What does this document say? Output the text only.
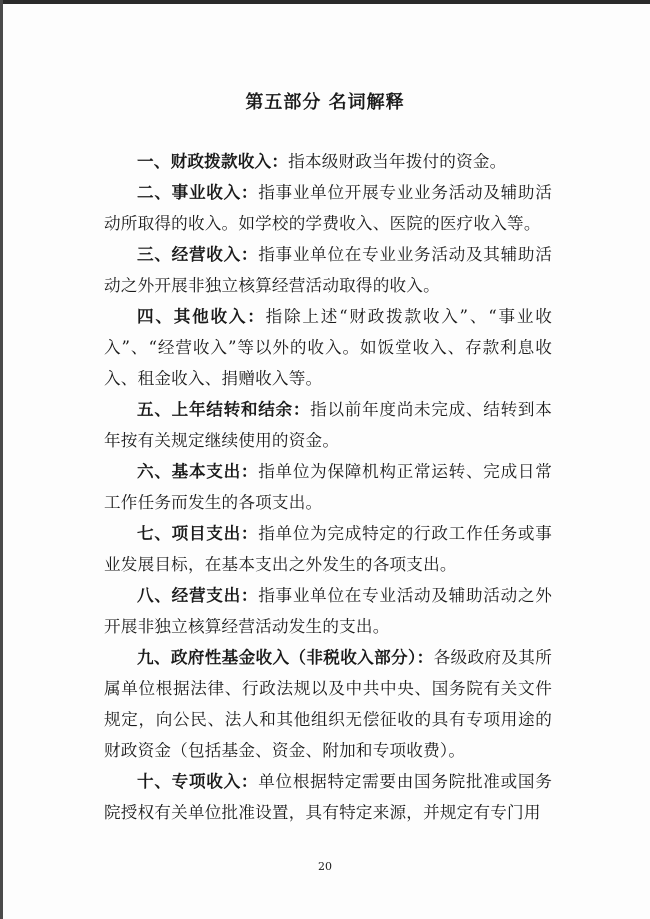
第五部分 名词解释

一、财政拨款收入：指本级财政当年拨付的资金。

二、事业收入：指事业单位开展专业业务活动及辅助活动所取得的收入。如学校的学费收入、医院的医疗收入等。

三、经营收入：指事业单位在专业业务活动及其辅助活动之外开展非独立核算经营活动取得的收入。

四、其他收入：指除上述“财政拨款收入”、“事业收入”、“经营收入”等以外的收入。如饭堂收入、存款利息收入、租金收入、捐赠收入等。

五、上年结转和结余：指以前年度尚未完成、结转到本年按有关规定继续使用的资金。

六、基本支出：指单位为保障机构正常运转、完成日常工作任务而发生的各项支出。

七、项目支出：指单位为完成特定的行政工作任务或事业发展目标，在基本支出之外发生的各项支出。

八、经营支出：指事业单位在专业活动及辅助活动之外开展非独立核算经营活动发生的支出。

九、政府性基金收入（非税收入部分）：各级政府及其所属单位根据法律、行政法规以及中共中央、国务院有关文件规定，向公民、法人和其他组织无偿征收的具有专项用途的财政资金（包括基金、资金、附加和专项收费）。

十、专项收入：单位根据特定需要由国务院批准或国务院授权有关单位批准设置，具有特定来源，并规定有专门用

20
